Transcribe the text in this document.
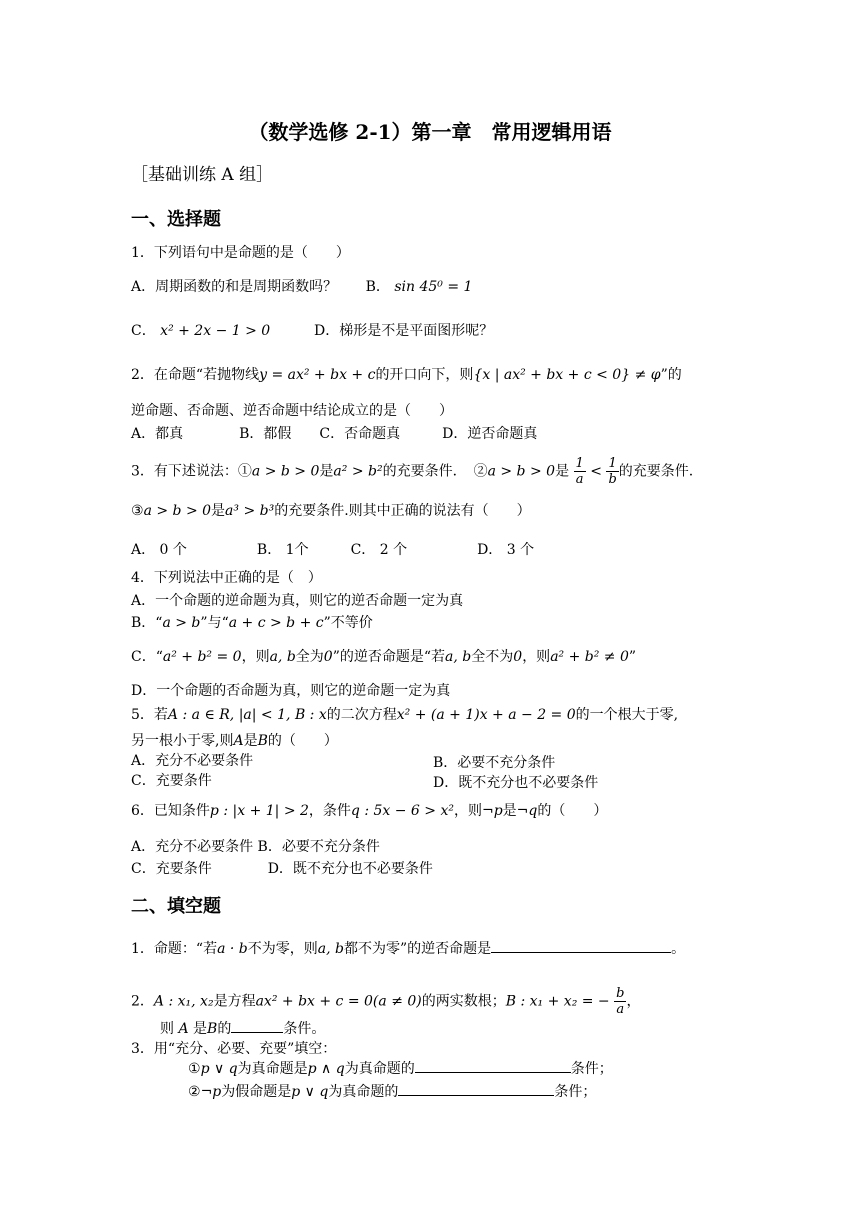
（数学选修 2-1）第一章　常用逻辑用语
［基础训练 A 组］
一、选择题
1．下列语句中是命题的是（　　）
A．周期函数的和是周期函数吗？ B． sin 45⁰ = 1
C． x² + 2x − 1 > 0	D．梯形是不是平面图形呢？
2．在命题“若抛物线y = ax² + bx + c的开口向下，则{x | ax² + bx + c < 0} ≠ φ”的
逆命题、否命题、逆否命题中结论成立的是（　　）
A．都真　　　　B．都假　　C．否命题真　　　D．逆否命题真
3．有下述说法：①a > b > 0是a² > b²的充要条件．　②a > b > 0是 $\frac{1}{a} < \frac{1}{b}$ 的充要条件.
③a > b > 0是a³ > b³的充要条件.则其中正确的说法有（　　）
A． 0 个　　　　　B． 1个　　　C． 2 个　　　　　D． 3 个
4．下列说法中正确的是（　）
A．一个命题的逆命题为真，则它的逆否命题一定为真
B．“a > b”与“a + c > b + c”不等价
C．“a² + b² = 0，则a, b全为0”的逆否命题是“若a, b全不为0，则a² + b² ≠ 0”
D．一个命题的否命题为真，则它的逆命题一定为真
5．若A : a ∈ R, |a| < 1, B : x的二次方程x² + (a + 1)x + a − 2 = 0的一个根大于零,
另一根小于零,则A是B的（　　）
A．充分不必要条件	B．必要不充分条件
C．充要条件	D．既不充分也不必要条件
6．已知条件p : |x + 1| > 2，条件q : 5x − 6 > x²，则¬p是¬q的（　　）
A．充分不必要条件 B．必要不充分条件
C．充要条件　　　　D．既不充分也不必要条件
二、填空题
1．命题：“若a · b不为零，则a, b都不为零”的逆否命题是	。
2．A : x₁, x₂是方程ax² + bx + c = 0(a ≠ 0)的两实数根；B : x₁ + x₂ = − $\frac{b}{a}$ ，
则 A 是B的	条件。
3．用“充分、必要、充要”填空：
①p ∨ q为真命题是p ∧ q为真命题的	条件；
②¬p为假命题是p ∨ q为真命题的	条件；
